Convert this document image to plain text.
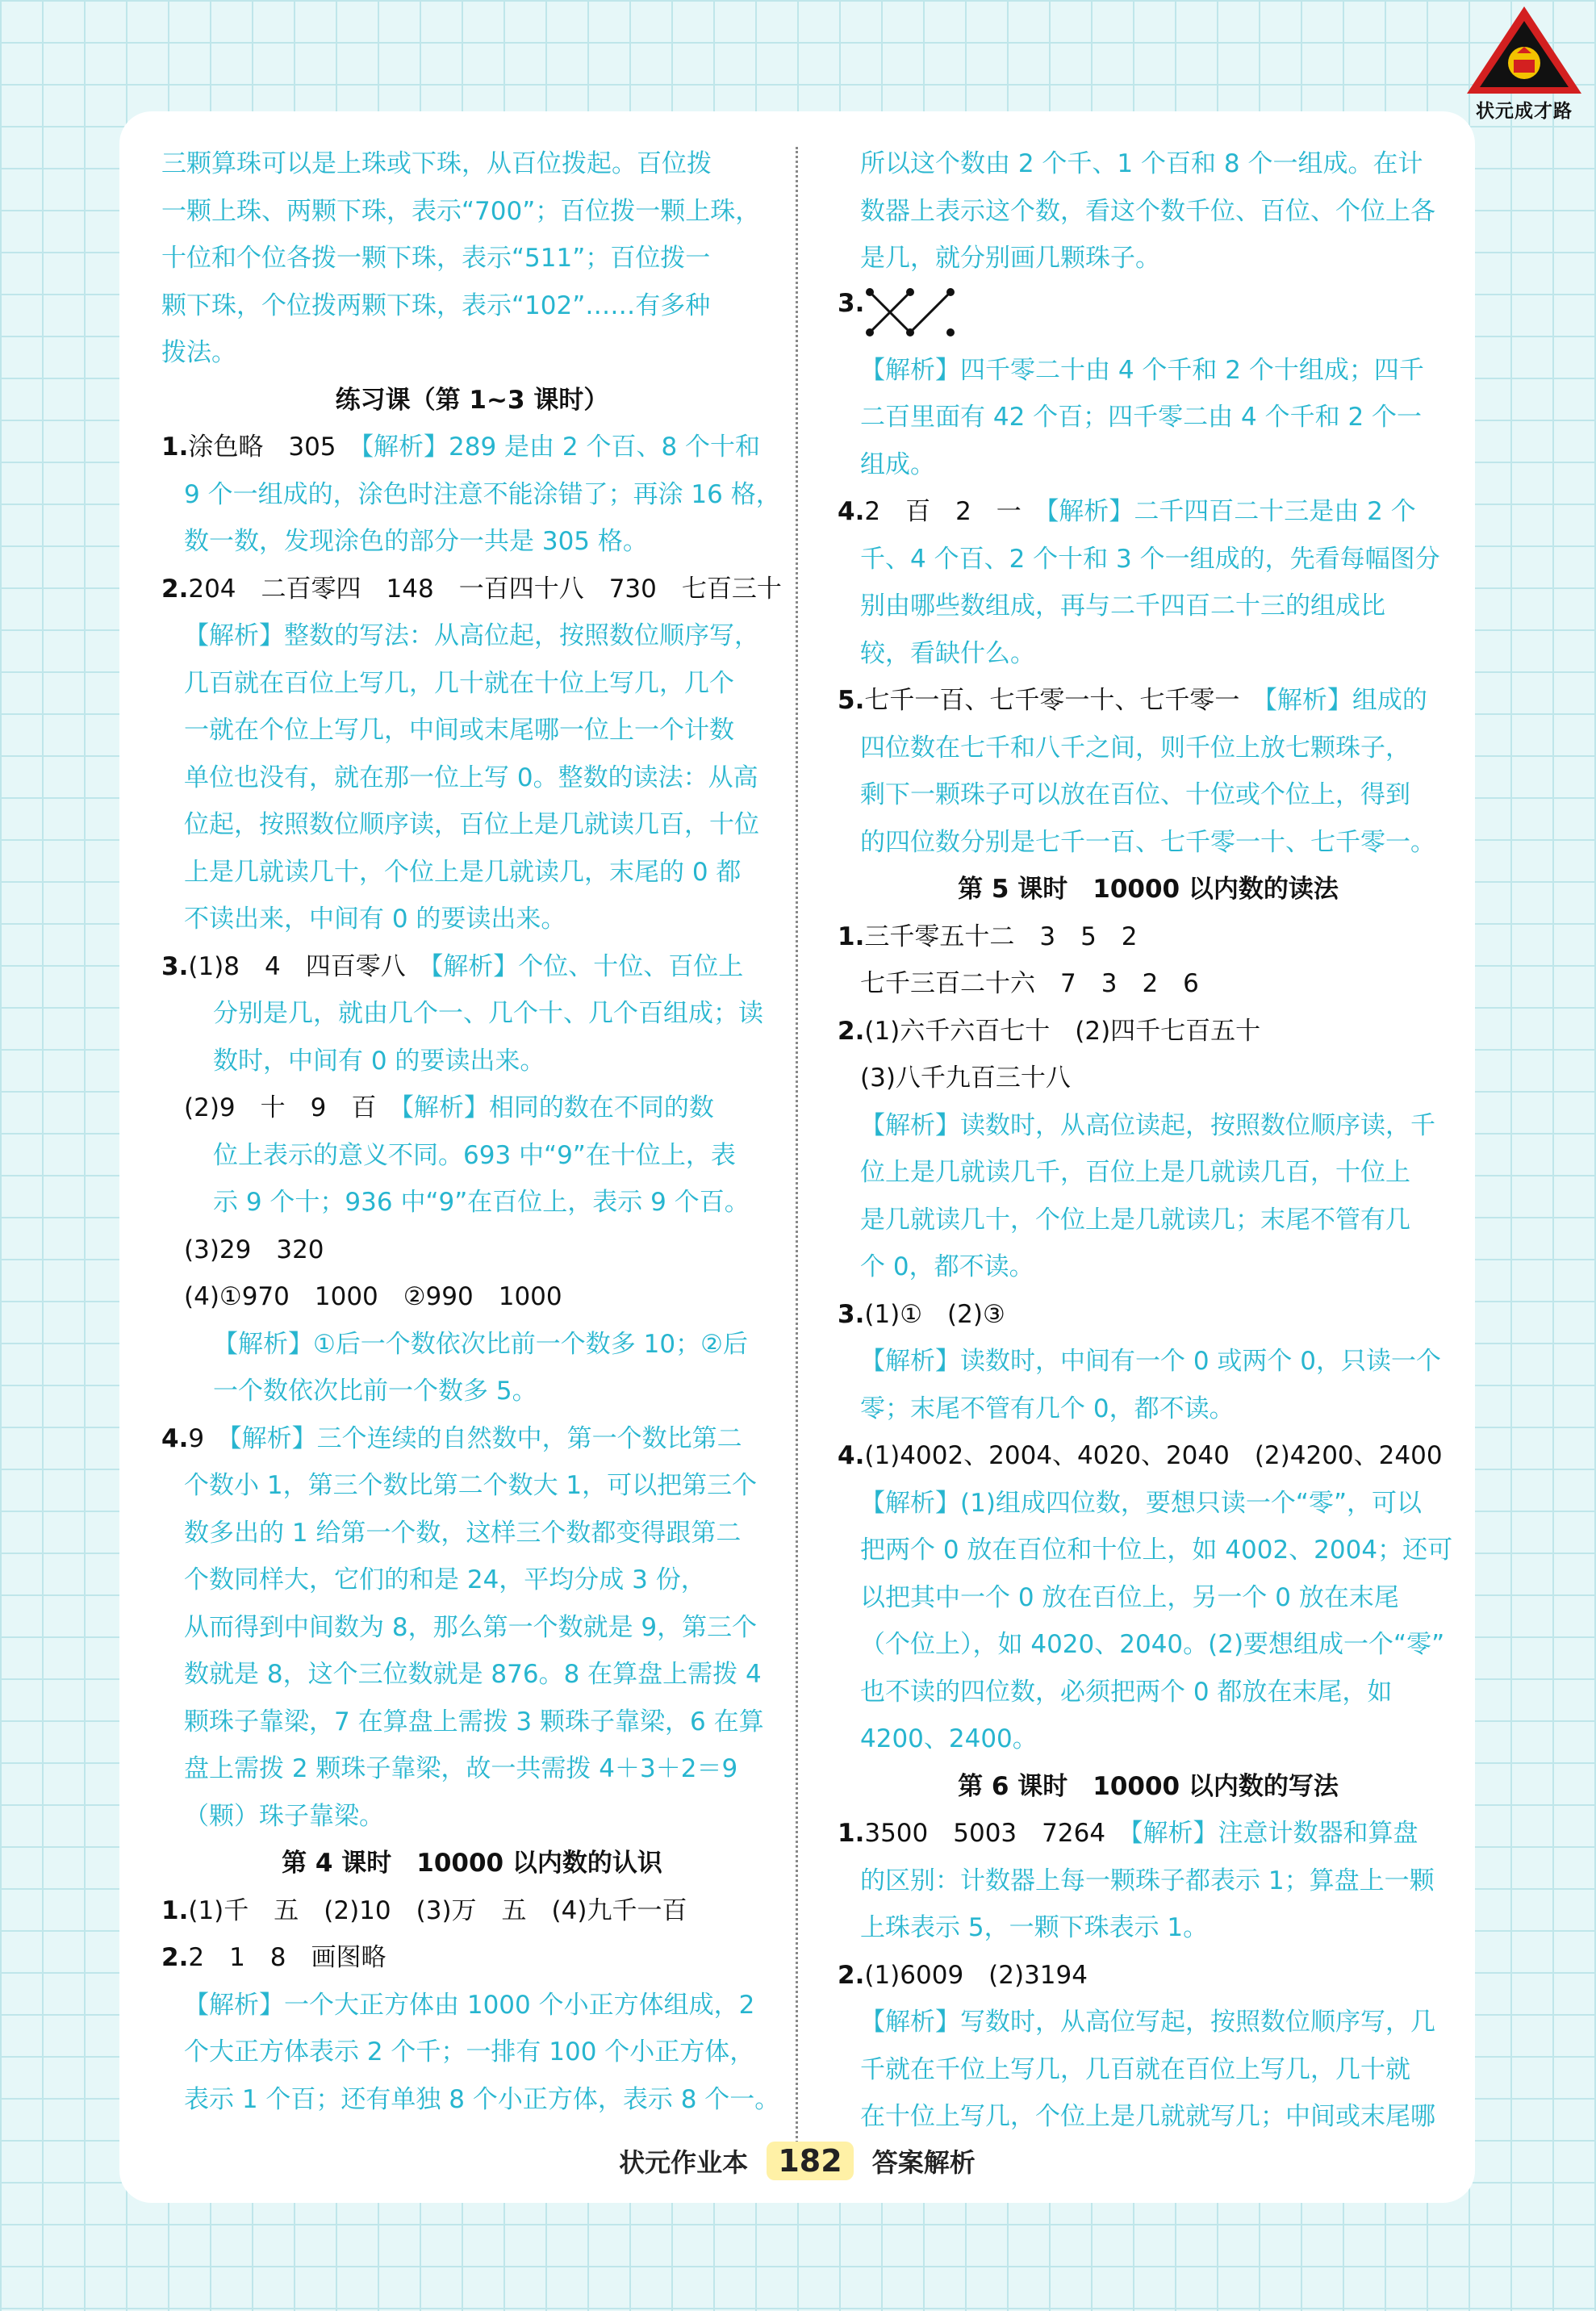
状元成才路
三颗算珠可以是上珠或下珠，从百位拨起。百位拨
一颗上珠、两颗下珠，表示“700”；百位拨一颗上珠，
十位和个位各拨一颗下珠，表示“511”；百位拨一
颗下珠，个位拨两颗下珠，表示“102”……有多种
拨法。
练习课（第 1~3 课时）
1.涂色略　305　【解析】289 是由 2 个百、8 个十和
9 个一组成的，涂色时注意不能涂错了；再涂 16 格，
数一数，发现涂色的部分一共是 305 格。
2.204　二百零四　148　一百四十八　730　七百三十
【解析】整数的写法：从高位起，按照数位顺序写，
几百就在百位上写几，几十就在十位上写几，几个
一就在个位上写几，中间或末尾哪一位上一个计数
单位也没有，就在那一位上写 0。整数的读法：从高
位起，按照数位顺序读，百位上是几就读几百，十位
上是几就读几十，个位上是几就读几，末尾的 0 都
不读出来，中间有 0 的要读出来。
3.(1)8　4　四百零八　【解析】个位、十位、百位上
分别是几，就由几个一、几个十、几个百组成；读
数时，中间有 0 的要读出来。
(2)9　十　9　百　【解析】相同的数在不同的数
位上表示的意义不同。693 中“9”在十位上，表
示 9 个十；936 中“9”在百位上，表示 9 个百。
(3)29　320
(4)①970　1000　②990　1000
【解析】①后一个数依次比前一个数多 10；②后
一个数依次比前一个数多 5。
4.9　【解析】三个连续的自然数中，第一个数比第二
个数小 1，第三个数比第二个数大 1，可以把第三个
数多出的 1 给第一个数，这样三个数都变得跟第二
个数同样大，它们的和是 24，平均分成 3 份，
从而得到中间数为 8，那么第一个数就是 9，第三个
数就是 8，这个三位数就是 876。8 在算盘上需拨 4
颗珠子靠梁，7 在算盘上需拨 3 颗珠子靠梁，6 在算
盘上需拨 2 颗珠子靠梁，故一共需拨 4＋3＋2＝9
（颗）珠子靠梁。
第 4 课时　10000 以内数的认识
1.(1)千　五　(2)10　(3)万　五　(4)九千一百
2.2　1　8　画图略
【解析】一个大正方体由 1000 个小正方体组成，2
个大正方体表示 2 个千；一排有 100 个小正方体，
表示 1 个百；还有单独 8 个小正方体，表示 8 个一。
所以这个数由 2 个千、1 个百和 8 个一组成。在计
数器上表示这个数，看这个数千位、百位、个位上各
是几，就分别画几颗珠子。
3.
【解析】四千零二十由 4 个千和 2 个十组成；四千
二百里面有 42 个百；四千零二由 4 个千和 2 个一
组成。
4.2　百　2　一　【解析】二千四百二十三是由 2 个
千、4 个百、2 个十和 3 个一组成的，先看每幅图分
别由哪些数组成，再与二千四百二十三的组成比
较，看缺什么。
5.七千一百、七千零一十、七千零一　【解析】组成的
四位数在七千和八千之间，则千位上放七颗珠子，
剩下一颗珠子可以放在百位、十位或个位上，得到
的四位数分别是七千一百、七千零一十、七千零一。
第 5 课时　10000 以内数的读法
1.三千零五十二　3　5　2
七千三百二十六　7　3　2　6
2.(1)六千六百七十　(2)四千七百五十
(3)八千九百三十八
【解析】读数时，从高位读起，按照数位顺序读，千
位上是几就读几千，百位上是几就读几百，十位上
是几就读几十，个位上是几就读几；末尾不管有几
个 0，都不读。
3.(1)①　(2)③
【解析】读数时，中间有一个 0 或两个 0，只读一个
零；末尾不管有几个 0，都不读。
4.(1)4002、2004、4020、2040　(2)4200、2400
【解析】(1)组成四位数，要想只读一个“零”，可以
把两个 0 放在百位和十位上，如 4002、2004；还可
以把其中一个 0 放在百位上，另一个 0 放在末尾
（个位上），如 4020、2040。(2)要想组成一个“零”
也不读的四位数，必须把两个 0 都放在末尾，如
4200、2400。
第 6 课时　10000 以内数的写法
1.3500　5003　7264　【解析】注意计数器和算盘
的区别：计数器上每一颗珠子都表示 1；算盘上一颗
上珠表示 5，一颗下珠表示 1。
2.(1)6009　(2)3194
【解析】写数时，从高位写起，按照数位顺序写，几
千就在千位上写几，几百就在百位上写几，几十就
在十位上写几，个位上是几就就写几；中间或末尾哪
状元作业本 182 答案解析
